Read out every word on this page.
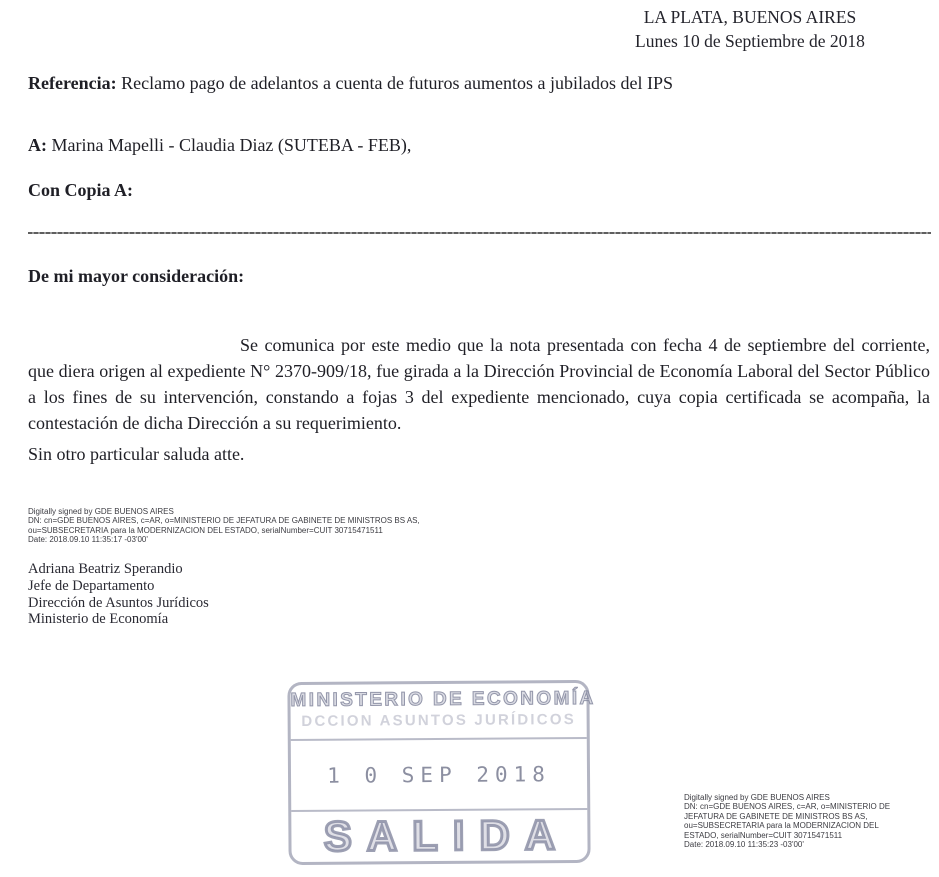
LA PLATA, BUENOS AIRES
Lunes 10 de Septiembre de 2018
Referencia: Reclamo pago de adelantos a cuenta de futuros aumentos a jubilados del IPS
A: Marina Mapelli - Claudia Diaz (SUTEBA - FEB),
Con Copia A:
De mi mayor consideración:
Se comunica por este medio que la nota presentada con fecha 4 de septiembre del corriente, que diera origen al expediente N° 2370-909/18, fue girada a la Dirección Provincial de Economía Laboral del Sector Público a los fines de su intervención, constando a fojas 3 del expediente mencionado, cuya copia certificada se acompaña, la contestación de dicha Dirección a su requerimiento.
Sin otro particular saluda atte.
Digitally signed by GDE BUENOS AIRES
DN: cn=GDE BUENOS AIRES, c=AR, o=MINISTERIO DE JEFATURA DE GABINETE DE MINISTROS BS AS,
ou=SUBSECRETARIA para la MODERNIZACION DEL ESTADO, serialNumber=CUIT 30715471511
Date: 2018.09.10 11:35:17 -03'00'
Adriana Beatriz Sperandio
Jefe de Departamento
Dirección de Asuntos Jurídicos
Ministerio de Economía
MINISTERIO DE ECONOMÍA
DCCION ASUNTOS JURÍDICOS
1 0 SEP 2018
SALIDA
Digitally signed by GDE BUENOS AIRES
DN: cn=GDE BUENOS AIRES, c=AR, o=MINISTERIO DE
JEFATURA DE GABINETE DE MINISTROS BS AS,
ou=SUBSECRETARIA para la MODERNIZACION DEL
ESTADO, serialNumber=CUIT 30715471511
Date: 2018.09.10 11:35:23 -03'00'
